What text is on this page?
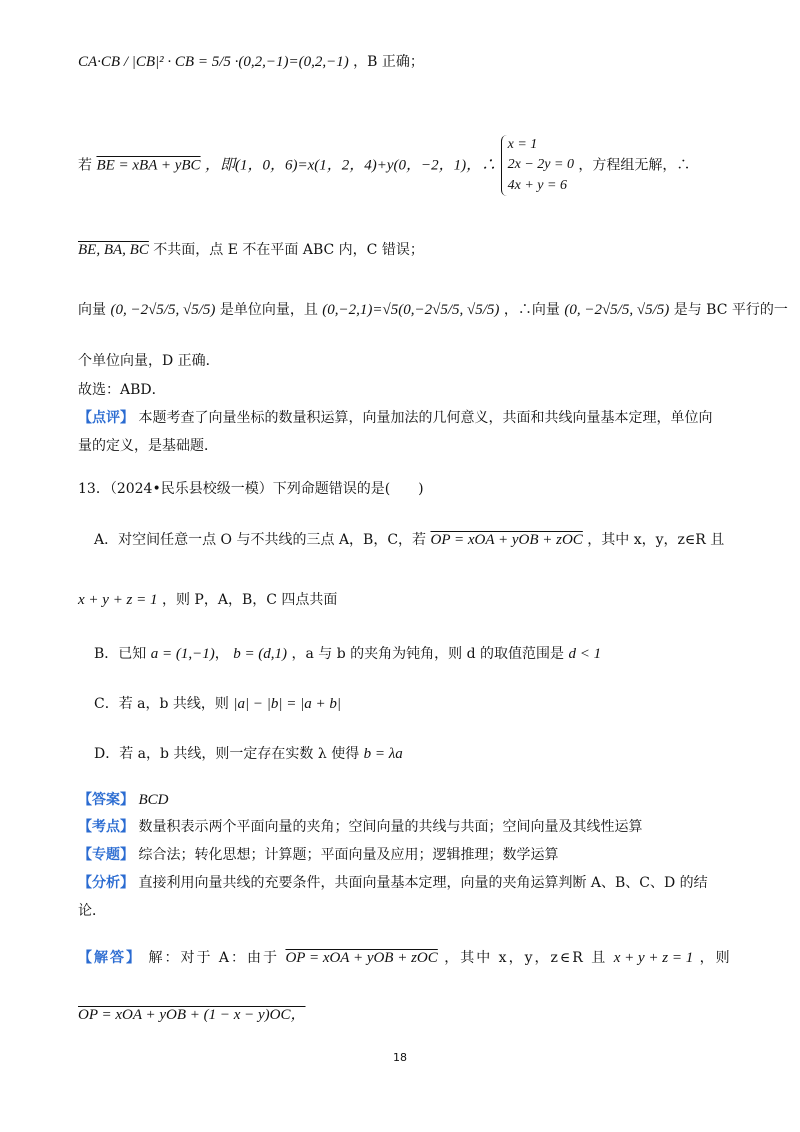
CA·CB / |CB|² · CB = 5/5 ·(0,2,−1)=(0,2,−1) ，B 正确；
若 BE = xBA + yBC ，即(1，0，6)=x(1，2，4)+y(0，−2，1)，∴
x = 1
2x − 2y = 0
4x + y = 6
，方程组无解，∴
BE, BA, BC 不共面，点 E 不在平面 ABC 内，C 错误；
向量 (0, −2√5/5, √5/5) 是单位向量，且 (0,−2,1)=√5(0,−2√5/5, √5/5) ，∴向量 (0, −2√5/5, √5/5) 是与 BC 平行的一
个单位向量，D 正确．
故选：ABD．
【点评】 本题考查了向量坐标的数量积运算，向量加法的几何意义，共面和共线向量基本定理，单位向
量的定义，是基础题．
13．（2024•民乐县校级一模）下列命题错误的是(　　)
A．对空间任意一点 O 与不共线的三点 A，B，C，若 OP = xOA + yOB + zOC ，其中 x，y，z∈R 且
x + y + z = 1 ，则 P，A，B，C 四点共面
B．已知 a = (1,−1)， b = (d,1) ，a 与 b 的夹角为钝角，则 d 的取值范围是 d < 1
C．若 a，b 共线，则 |a| − |b| = |a + b|
D．若 a，b 共线，则一定存在实数 λ 使得 b = λa
【答案】 BCD
【考点】 数量积表示两个平面向量的夹角；空间向量的共线与共面；空间向量及其线性运算
【专题】 综合法；转化思想；计算题；平面向量及应用；逻辑推理；数学运算
【分析】 直接利用向量共线的充要条件，共面向量基本定理，向量的夹角运算判断 A、B、C、D 的结
论．
【解答】 解：对于 A：由于 OP = xOA + yOB + zOC ，其中 x，y，z∈R 且 x + y + z = 1 ，则
OP = xOA + yOB + (1 − x − y)OC，
18
